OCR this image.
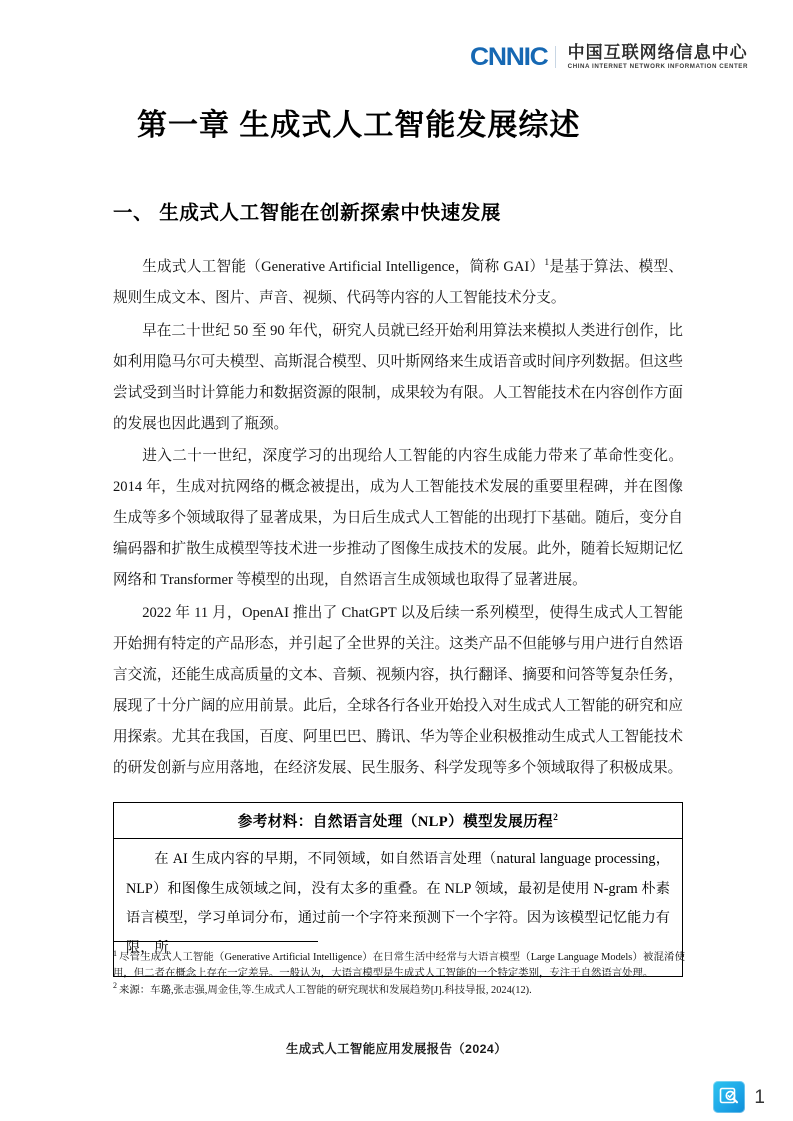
CNNIC 中国互联网络信息中心
CHINA INTERNET NETWORK INFORMATION CENTER
第一章 生成式人工智能发展综述
一、 生成式人工智能在创新探索中快速发展

生成式人工智能（Generative Artificial Intelligence，简称 GAI）$^1$是基于算法、模型、规则生成文本、图片、声音、视频、代码等内容的人工智能技术分支。

早在二十世纪 50 至 90 年代，研究人员就已经开始利用算法来模拟人类进行创作，比如利用隐马尔可夫模型、高斯混合模型、贝叶斯网络来生成语音或时间序列数据。但这些尝试受到当时计算能力和数据资源的限制，成果较为有限。人工智能技术在内容创作方面的发展也因此遇到了瓶颈。

进入二十一世纪，深度学习的出现给人工智能的内容生成能力带来了革命性变化。2014 年，生成对抗网络的概念被提出，成为人工智能技术发展的重要里程碑，并在图像生成等多个领域取得了显著成果，为日后生成式人工智能的出现打下基础。随后，变分自编码器和扩散生成模型等技术进一步推动了图像生成技术的发展。此外，随着长短期记忆网络和 Transformer 等模型的出现，自然语言生成领域也取得了显著进展。

2022 年 11 月，OpenAI 推出了 ChatGPT 以及后续一系列模型，使得生成式人工智能开始拥有特定的产品形态，并引起了全世界的关注。这类产品不但能够与用户进行自然语言交流，还能生成高质量的文本、音频、视频内容，执行翻译、摘要和问答等复杂任务，展现了十分广阔的应用前景。此后，全球各行各业开始投入对生成式人工智能的研究和应用探索。尤其在我国，百度、阿里巴巴、腾讯、华为等企业积极推动生成式人工智能技术的研发创新与应用落地，在经济发展、民生服务、科学发现等多个领域取得了积极成果。

参考材料：自然语言处理（NLP）模型发展历程$^2$

在 AI 生成内容的早期，不同领域，如自然语言处理（natural language processing，NLP）和图像生成领域之间，没有太多的重叠。在 NLP 领域，最初是使用 N-gram 朴素语言模型，学习单词分布，通过前一个字符来预测下一个字符。因为该模型记忆能力有限，所

$^1$ 尽管生成式人工智能（Generative Artificial Intelligence）在日常生活中经常与大语言模型（Large Language Models）被混淆使用，但二者在概念上存在一定差异。一般认为，大语言模型是生成式人工智能的一个特定类别，专注于自然语言处理。

$^2$ 来源：车璐,张志强,周金佳,等.生成式人工智能的研究现状和发展趋势[J].科技导报, 2024(12).

生成式人工智能应用发展报告（2024）
1
